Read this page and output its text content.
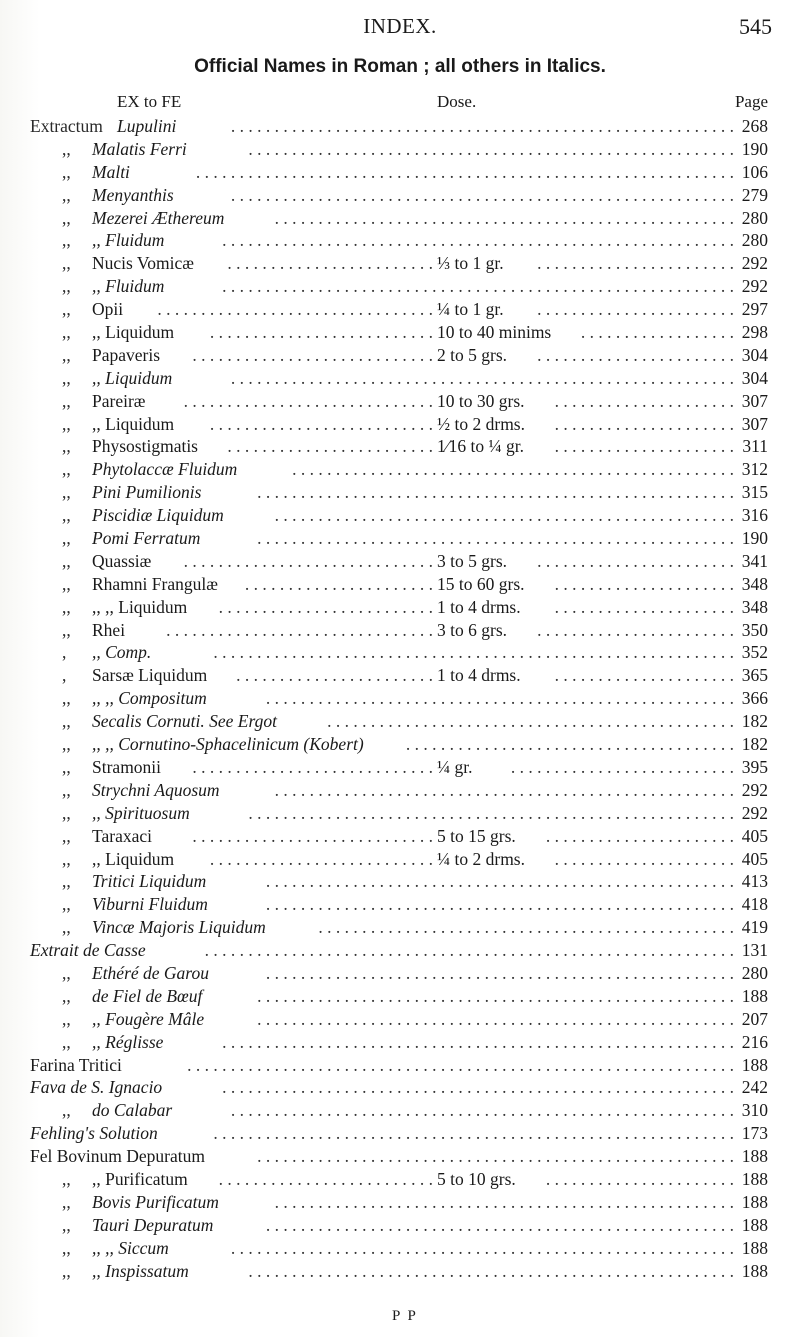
INDEX.	545
Official Names in Roman ; all others in Italics.
EX to FE	Dose.	Page
Extractum Lupulini	268
. . . . . . . . . . . . . . . . . . . . . . . . . . . . . . . . . . . . . . . . . . . . . . . . . . . . . . . . . .
,, Malatis Ferri	190
. . . . . . . . . . . . . . . . . . . . . . . . . . . . . . . . . . . . . . . . . . . . . . . . . . . . . . . .
,, Malti	106
. . . . . . . . . . . . . . . . . . . . . . . . . . . . . . . . . . . . . . . . . . . . . . . . . . . . . . . . . . . . . .
,, Menyanthis	279
. . . . . . . . . . . . . . . . . . . . . . . . . . . . . . . . . . . . . . . . . . . . . . . . . . . . . . . . . .
,, Mezerei Æthereum	280
. . . . . . . . . . . . . . . . . . . . . . . . . . . . . . . . . . . . . . . . . . . . . . . . . . . . .
,, ,, Fluidum	280
. . . . . . . . . . . . . . . . . . . . . . . . . . . . . . . . . . . . . . . . . . . . . . . . . . . . . . . . . . .
,, Nucis Vomicæ	⅓ to 1 gr.	292
. . . . . . . . . . . . . . . . . . . . . . . .	. . . . . . . . . . . . . . . . . . . . . . .
,, ,, Fluidum	292
. . . . . . . . . . . . . . . . . . . . . . . . . . . . . . . . . . . . . . . . . . . . . . . . . . . . . . . . . . .
,, Opii	¼ to 1 gr.	297
. . . . . . . . . . . . . . . . . . . . . . . . . . . . . . . .	. . . . . . . . . . . . . . . . . . . . . . .
,, ,, Liquidum	10 to 40 minims	298
. . . . . . . . . . . . . . . . . . . . . . . . . .	. . . . . . . . . . . . . . . . . .
,, Papaveris	2 to 5 grs.	304
. . . . . . . . . . . . . . . . . . . . . . . . . . . .	. . . . . . . . . . . . . . . . . . . . . . .
,, ,, Liquidum	304
. . . . . . . . . . . . . . . . . . . . . . . . . . . . . . . . . . . . . . . . . . . . . . . . . . . . . . . . . .
,, Pareiræ	10 to 30 grs.	307
. . . . . . . . . . . . . . . . . . . . . . . . . . . . .	. . . . . . . . . . . . . . . . . . . . .
,, ,, Liquidum	½ to 2 drms.	307
. . . . . . . . . . . . . . . . . . . . . . . . . .	. . . . . . . . . . . . . . . . . . . . .
,, Physostigmatis	1⁄16 to ¼ gr.	311
. . . . . . . . . . . . . . . . . . . . . . . .	. . . . . . . . . . . . . . . . . . . . .
,, Phytolaccæ Fluidum	312
. . . . . . . . . . . . . . . . . . . . . . . . . . . . . . . . . . . . . . . . . . . . . . . . . . .
,, Pini Pumilionis	315
. . . . . . . . . . . . . . . . . . . . . . . . . . . . . . . . . . . . . . . . . . . . . . . . . . . . . . .
,, Piscidiæ Liquidum	316
. . . . . . . . . . . . . . . . . . . . . . . . . . . . . . . . . . . . . . . . . . . . . . . . . . . . .
,, Pomi Ferratum	190
. . . . . . . . . . . . . . . . . . . . . . . . . . . . . . . . . . . . . . . . . . . . . . . . . . . . . . .
,, Quassiæ	3 to 5 grs.	341
. . . . . . . . . . . . . . . . . . . . . . . . . . . . .	. . . . . . . . . . . . . . . . . . . . . . .
,, Rhamni Frangulæ	15 to 60 grs.	348
. . . . . . . . . . . . . . . . . . . . . .	. . . . . . . . . . . . . . . . . . . . .
,, ,, ,, Liquidum	1 to 4 drms.	348
. . . . . . . . . . . . . . . . . . . . . . . . .	. . . . . . . . . . . . . . . . . . . . .
,, Rhei	3 to 6 grs.	350
. . . . . . . . . . . . . . . . . . . . . . . . . . . . . . .	. . . . . . . . . . . . . . . . . . . . . . .
, ,, Comp.	352
. . . . . . . . . . . . . . . . . . . . . . . . . . . . . . . . . . . . . . . . . . . . . . . . . . . . . . . . . . . .
, Sarsæ Liquidum	1 to 4 drms.	365
. . . . . . . . . . . . . . . . . . . . . . .	. . . . . . . . . . . . . . . . . . . . .
,, ,, ,, Compositum	366
. . . . . . . . . . . . . . . . . . . . . . . . . . . . . . . . . . . . . . . . . . . . . . . . . . . . . .
,, Secalis Cornuti. See Ergot	182
. . . . . . . . . . . . . . . . . . . . . . . . . . . . . . . . . . . . . . . . . . . . . . .
,, ,, ,, Cornutino-Sphacelinicum (Kobert)	182
. . . . . . . . . . . . . . . . . . . . . . . . . . . . . . . . . . . . . .
,, Stramonii	¼ gr.	395
. . . . . . . . . . . . . . . . . . . . . . . . . . . .	. . . . . . . . . . . . . . . . . . . . . . . . . .
,, Strychni Aquosum	292
. . . . . . . . . . . . . . . . . . . . . . . . . . . . . . . . . . . . . . . . . . . . . . . . . . . . .
,, ,, Spirituosum	292
. . . . . . . . . . . . . . . . . . . . . . . . . . . . . . . . . . . . . . . . . . . . . . . . . . . . . . . .
,, Taraxaci	5 to 15 grs.	405
. . . . . . . . . . . . . . . . . . . . . . . . . . . .	. . . . . . . . . . . . . . . . . . . . . .
,, ,, Liquidum	¼ to 2 drms.	405
. . . . . . . . . . . . . . . . . . . . . . . . . .	. . . . . . . . . . . . . . . . . . . . .
,, Tritici Liquidum	413
. . . . . . . . . . . . . . . . . . . . . . . . . . . . . . . . . . . . . . . . . . . . . . . . . . . . . .
,, Viburni Fluidum	418
. . . . . . . . . . . . . . . . . . . . . . . . . . . . . . . . . . . . . . . . . . . . . . . . . . . . . .
,, Vincæ Majoris Liquidum	419
. . . . . . . . . . . . . . . . . . . . . . . . . . . . . . . . . . . . . . . . . . . . . . . .
Extrait de Casse	131
. . . . . . . . . . . . . . . . . . . . . . . . . . . . . . . . . . . . . . . . . . . . . . . . . . . . . . . . . . . . .
,, Ethéré de Garou	280
. . . . . . . . . . . . . . . . . . . . . . . . . . . . . . . . . . . . . . . . . . . . . . . . . . . . . .
,, de Fiel de Bœuf	188
. . . . . . . . . . . . . . . . . . . . . . . . . . . . . . . . . . . . . . . . . . . . . . . . . . . . . . .
,, ,, Fougère Mâle	207
. . . . . . . . . . . . . . . . . . . . . . . . . . . . . . . . . . . . . . . . . . . . . . . . . . . . . . .
,, ,, Réglisse	216
. . . . . . . . . . . . . . . . . . . . . . . . . . . . . . . . . . . . . . . . . . . . . . . . . . . . . . . . . . .
Farina Tritici	188
. . . . . . . . . . . . . . . . . . . . . . . . . . . . . . . . . . . . . . . . . . . . . . . . . . . . . . . . . . . . . . .
Fava de S. Ignacio	242
. . . . . . . . . . . . . . . . . . . . . . . . . . . . . . . . . . . . . . . . . . . . . . . . . . . . . . . . . . .
,, do Calabar	310
. . . . . . . . . . . . . . . . . . . . . . . . . . . . . . . . . . . . . . . . . . . . . . . . . . . . . . . . . .
Fehling's Solution	173
. . . . . . . . . . . . . . . . . . . . . . . . . . . . . . . . . . . . . . . . . . . . . . . . . . . . . . . . . . . .
Fel Bovinum Depuratum	188
. . . . . . . . . . . . . . . . . . . . . . . . . . . . . . . . . . . . . . . . . . . . . . . . . . . . . . .
,, ,, Purificatum	5 to 10 grs.	188
. . . . . . . . . . . . . . . . . . . . . . . . .	. . . . . . . . . . . . . . . . . . . . . .
,, Bovis Purificatum	188
. . . . . . . . . . . . . . . . . . . . . . . . . . . . . . . . . . . . . . . . . . . . . . . . . . . . .
,, Tauri Depuratum	188
. . . . . . . . . . . . . . . . . . . . . . . . . . . . . . . . . . . . . . . . . . . . . . . . . . . . . .
,, ,, ,, Siccum	188
. . . . . . . . . . . . . . . . . . . . . . . . . . . . . . . . . . . . . . . . . . . . . . . . . . . . . . . . . .
,, ,, Inspissatum	188
. . . . . . . . . . . . . . . . . . . . . . . . . . . . . . . . . . . . . . . . . . . . . . . . . . . . . . . .
P P
